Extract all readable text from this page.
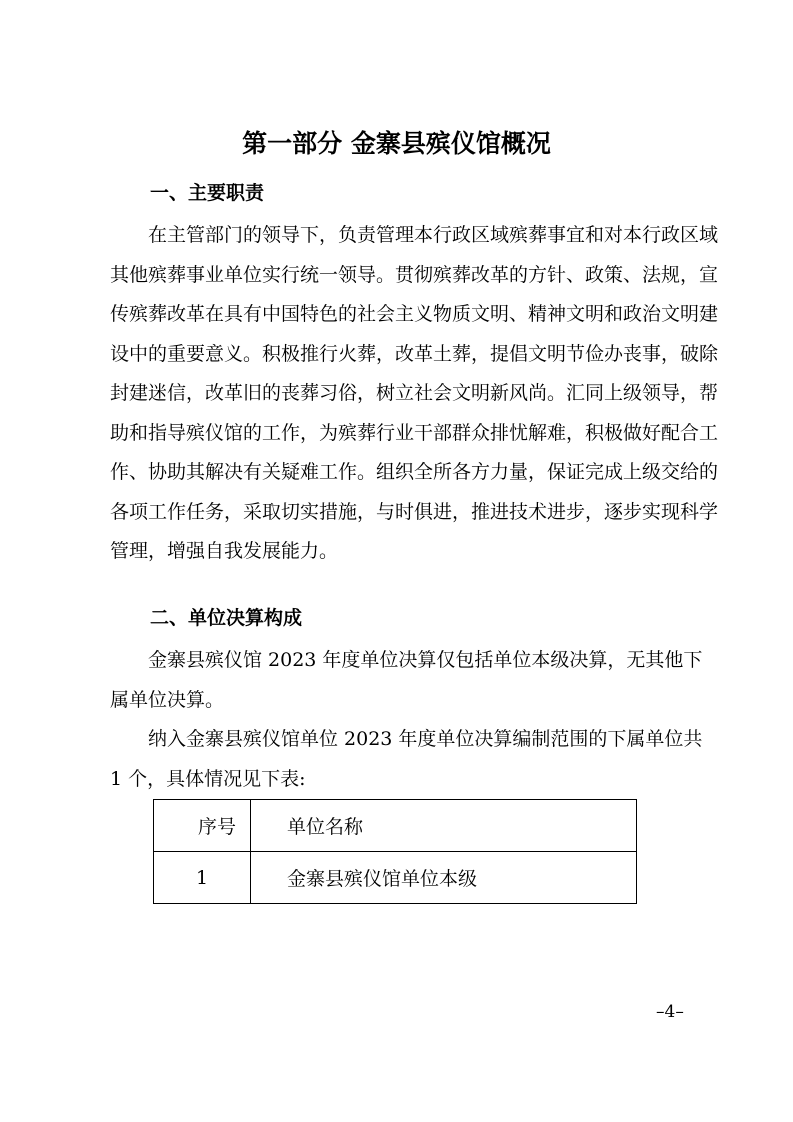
第一部分 金寨县殡仪馆概况
一、主要职责

在主管部门的领导下，负责管理本行政区域殡葬事宜和对本行政区域其他殡葬事业单位实行统一领导。贯彻殡葬改革的方针、政策、法规，宣传殡葬改革在具有中国特色的社会主义物质文明、精神文明和政治文明建设中的重要意义。积极推行火葬，改革土葬，提倡文明节俭办丧事，破除封建迷信，改革旧的丧葬习俗，树立社会文明新风尚。汇同上级领导，帮助和指导殡仪馆的工作，为殡葬行业干部群众排忧解难，积极做好配合工作、协助其解决有关疑难工作。组织全所各方力量，保证完成上级交给的各项工作任务，采取切实措施，与时俱进，推进技术进步，逐步实现科学管理，增强自我发展能力。

二、单位决算构成

金寨县殡仪馆 2023 年度单位决算仅包括单位本级决算，无其他下属单位决算。

纳入金寨县殡仪馆单位 2023 年度单位决算编制范围的下属单位共 1 个，具体情况见下表:

序号	单位名称
1	金寨县殡仪馆单位本级
–4–
